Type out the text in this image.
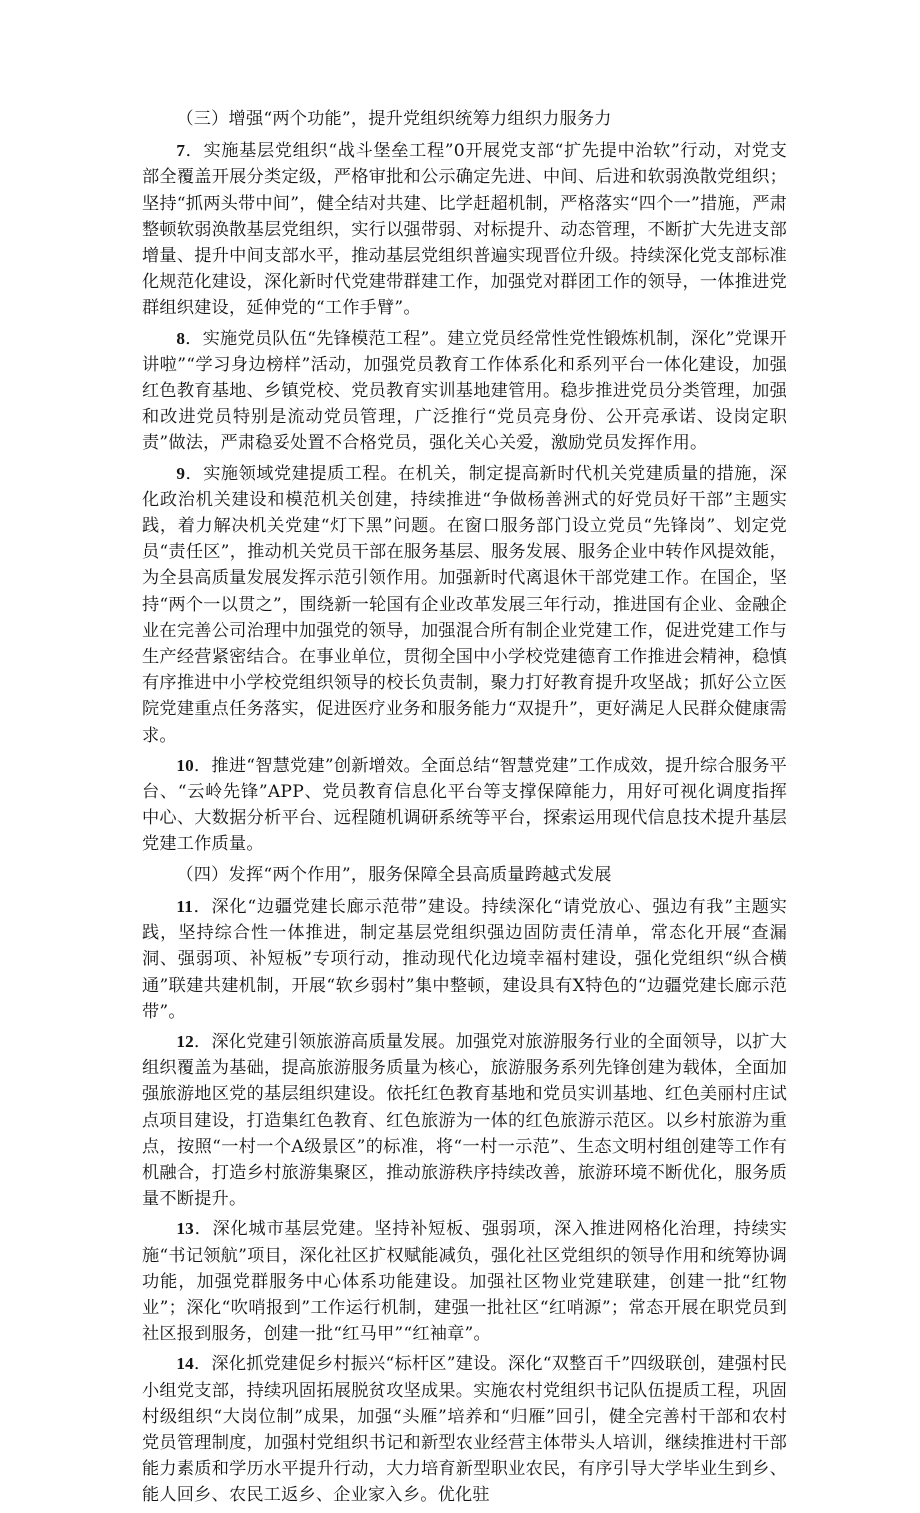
（三）增强“两个功能”，提升党组织统筹力组织力服务力

7．实施基层党组织“战斗堡垒工程”0开展党支部“扩先提中治软”行动，对党支部全覆盖开展分类定级，严格审批和公示确定先进、中间、后进和软弱涣散党组织；坚持“抓两头带中间”，健全结对共建、比学赶超机制，严格落实“四个一”措施，严肃整顿软弱涣散基层党组织，实行以强带弱、对标提升、动态管理，不断扩大先进支部增量、提升中间支部水平，推动基层党组织普遍实现晋位升级。持续深化党支部标准化规范化建设，深化新时代党建带群建工作，加强党对群团工作的领导，一体推进党群组织建设，延伸党的“工作手臂”。

8．实施党员队伍“先锋模范工程”。建立党员经常性党性锻炼机制，深化”党课开讲啦”“学习身边榜样”活动，加强党员教育工作体系化和系列平台一体化建设，加强红色教育基地、乡镇党校、党员教育实训基地建管用。稳步推进党员分类管理，加强和改进党员特别是流动党员管理，广泛推行“党员亮身份、公开亮承诺、设岗定职责”做法，严肃稳妥处置不合格党员，强化关心关爱，激励党员发挥作用。

9．实施领域党建提质工程。在机关，制定提高新时代机关党建质量的措施，深化政治机关建设和模范机关创建，持续推进“争做杨善洲式的好党员好干部”主题实践，着力解决机关党建“灯下黑”问题。在窗口服务部门设立党员“先锋岗”、划定党员“责任区”，推动机关党员干部在服务基层、服务发展、服务企业中转作风提效能，为全县高质量发展发挥示范引领作用。加强新时代离退休干部党建工作。在国企，坚持“两个一以贯之”，围绕新一轮国有企业改革发展三年行动，推进国有企业、金融企业在完善公司治理中加强党的领导，加强混合所有制企业党建工作，促进党建工作与生产经营紧密结合。在事业单位，贯彻全国中小学校党建德育工作推进会精神，稳慎有序推进中小学校党组织领导的校长负责制，聚力打好教育提升攻坚战；抓好公立医院党建重点任务落实，促进医疗业务和服务能力“双提升”，更好满足人民群众健康需求。

10．推进“智慧党建”创新增效。全面总结“智慧党建”工作成效，提升综合服务平台、“云岭先锋”APP、党员教育信息化平台等支撑保障能力，用好可视化调度指挥中心、大数据分析平台、远程随机调研系统等平台，探索运用现代信息技术提升基层党建工作质量。

（四）发挥“两个作用”，服务保障全县高质量跨越式发展

11．深化“边疆党建长廊示范带”建设。持续深化“请党放心、强边有我”主题实践，坚持综合性一体推进，制定基层党组织强边固防责任清单，常态化开展“查漏洞、强弱项、补短板”专项行动，推动现代化边境幸福村建设，强化党组织“纵合横通”联建共建机制，开展“软乡弱村”集中整顿，建设具有X特色的“边疆党建长廊示范带”。

12．深化党建引领旅游高质量发展。加强党对旅游服务行业的全面领导，以扩大组织覆盖为基础，提高旅游服务质量为核心，旅游服务系列先锋创建为载体，全面加强旅游地区党的基层组织建设。依托红色教育基地和党员实训基地、红色美丽村庄试点项目建设，打造集红色教育、红色旅游为一体的红色旅游示范区。以乡村旅游为重点，按照“一村一个A级景区”的标准，将“一村一示范”、生态文明村组创建等工作有机融合，打造乡村旅游集聚区，推动旅游秩序持续改善，旅游环境不断优化，服务质量不断提升。

13．深化城市基层党建。坚持补短板、强弱项，深入推进网格化治理，持续实施“书记领航”项目，深化社区扩权赋能减负，强化社区党组织的领导作用和统筹协调功能，加强党群服务中心体系功能建设。加强社区物业党建联建，创建一批“红物业”；深化“吹哨报到”工作运行机制，建强一批社区“红哨源”；常态开展在职党员到社区报到服务，创建一批“红马甲”“红袖章”。

14．深化抓党建促乡村振兴“标杆区”建设。深化“双整百千”四级联创，建强村民小组党支部，持续巩固拓展脱贫攻坚成果。实施农村党组织书记队伍提质工程，巩固村级组织“大岗位制”成果，加强“头雁”培养和“归雁”回引，健全完善村干部和农村党员管理制度，加强村党组织书记和新型农业经营主体带头人培训，继续推进村干部能力素质和学历水平提升行动，大力培育新型职业农民，有序引导大学毕业生到乡、能人回乡、农民工返乡、企业家入乡。优化驻
